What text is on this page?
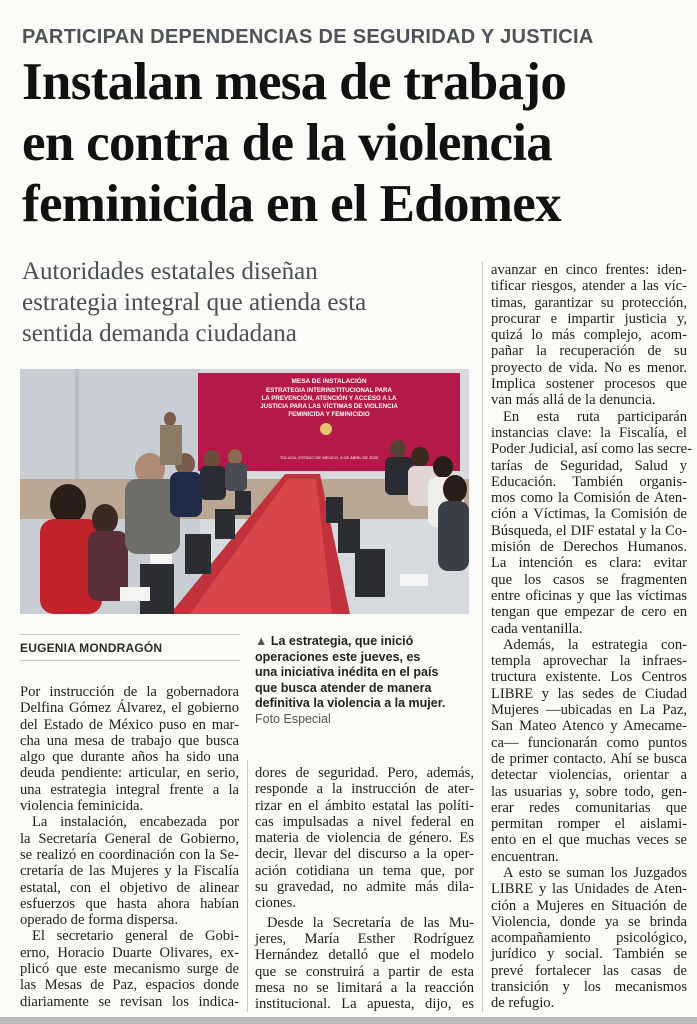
PARTICIPAN DEPENDENCIAS DE SEGURIDAD Y JUSTICIA
Instalan mesa de trabajo
en contra de la violencia
feminicida en el Edomex
Autoridades estatales diseñan
estrategia integral que atienda esta
sentida demanda ciudadana
MESA DE INSTALACIÓN
ESTRATEGIA INTERINSTITUCIONAL PARA
LA PREVENCIÓN, ATENCIÓN Y ACCESO A LA
JUSTICIA PARA LAS VÍCTIMAS DE VIOLENCIA
FEMINICIDA Y FEMINICIDIO
TOLUCA, ESTADO DE MÉXICO, 8 DE ABRIL DE 2025
EUGENIA MONDRAGÓN	▲ La estrategia, que inició
operaciones este jueves, es
una iniciativa inédita en el país
que busca atender de manera
definitiva la violencia a la mujer.
Foto Especial
Por instrucción de la gobernadora
Delfina Gómez Álvarez, el gobierno
del Estado de México puso en mar-
cha una mesa de trabajo que busca
algo que durante años ha sido una
deuda pendiente: articular, en serio,
una estrategia integral frente a la
violencia feminicida.
La instalación, encabezada por
la Secretaría General de Gobierno,
se realizó en coordinación con la Se-
cretaría de las Mujeres y la Fiscalía
estatal, con el objetivo de alinear
esfuerzos que hasta ahora habían
operado de forma dispersa.
El secretario general de Gobi-
erno, Horacio Duarte Olivares, ex-
plicó que este mecanismo surge de
las Mesas de Paz, espacios donde
diariamente se revisan los indica-
dores de seguridad. Pero, además,
responde a la instrucción de ater-
rizar en el ámbito estatal las políti-
cas impulsadas a nivel federal en
materia de violencia de género. Es
decir, llevar del discurso a la oper-
ación cotidiana un tema que, por
su gravedad, no admite más dila-
ciones.
Desde la Secretaría de las Mu-
jeres, María Esther Rodríguez
Hernández detalló que el modelo
que se construirá a partir de esta
mesa no se limitará a la reacción
institucional. La apuesta, dijo, es
avanzar en cinco frentes: iden-
tificar riesgos, atender a las víc-
timas, garantizar su protección,
procurar e impartir justicia y,
quizá lo más complejo, acom-
pañar la recuperación de su
proyecto de vida. No es menor.
Implica sostener procesos que
van más allá de la denuncia.
En esta ruta participarán
instancias clave: la Fiscalía, el
Poder Judicial, así como las secre-
tarías de Seguridad, Salud y
Educación. También organis-
mos como la Comisión de Aten-
ción a Víctimas, la Comisión de
Búsqueda, el DIF estatal y la Co-
misión de Derechos Humanos.
La intención es clara: evitar
que los casos se fragmenten
entre oficinas y que las víctimas
tengan que empezar de cero en
cada ventanilla.
Además, la estrategia con-
templa aprovechar la infraes-
tructura existente. Los Centros
LIBRE y las sedes de Ciudad
Mujeres —ubicadas en La Paz,
San Mateo Atenco y Amecame-
ca— funcionarán como puntos
de primer contacto. Ahí se busca
detectar violencias, orientar a
las usuarias y, sobre todo, gen-
erar redes comunitarias que
permitan romper el aislami-
ento en el que muchas veces se
encuentran.
A esto se suman los Juzgados
LIBRE y las Unidades de Aten-
ción a Mujeres en Situación de
Violencia, donde ya se brinda
acompañamiento psicológico,
jurídico y social. También se
prevé fortalecer las casas de
transición y los mecanismos
de refugio.
